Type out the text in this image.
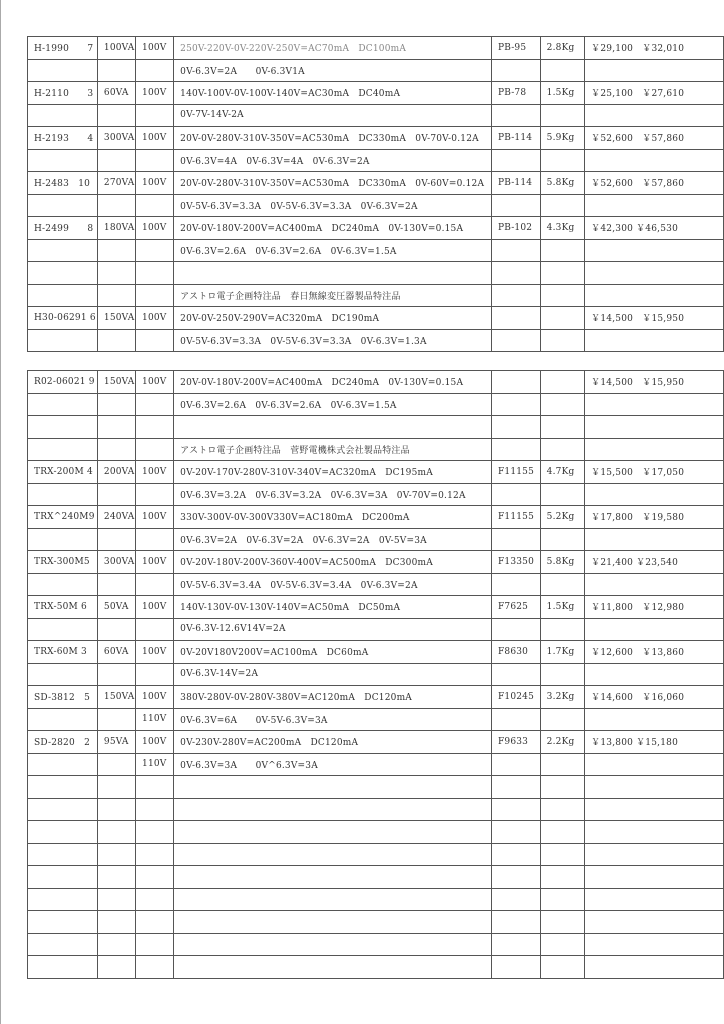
H-1990　　7	100VA	100V	250V-220V-0V-220V-250V=AC70mA　DC100mA	PB-95	2.8Kg	￥29,100　￥32,010
			0V-6.3V=2A　　0V-6.3V1A			
H-2110　　3	60VA	100V	140V-100V-0V-100V-140V=AC30mA　DC40mA	PB-78	1.5Kg	￥25,100　￥27,610
			0V-7V-14V-2A			
H-2193　　4	300VA	100V	20V-0V-280V-310V-350V=AC530mA　DC330mA　0V-70V-0.12A	PB-114	5.9Kg	￥52,600　￥57,860
			0V-6.3V=4A　0V-6.3V=4A　0V-6.3V=2A			
H-2483　10	270VA	100V	20V-0V-280V-310V-350V=AC530mA　DC330mA　0V-60V=0.12A	PB-114	5.8Kg	￥52,600　￥57,860
			0V-5V-6.3V=3.3A　0V-5V-6.3V=3.3A　0V-6.3V=2A			
H-2499　　8	180VA	100V	20V-0V-180V-200V=AC400mA　DC240mA　0V-130V=0.15A	PB-102	4.3Kg	￥42,300 ￥46,530
			0V-6.3V=2.6A　0V-6.3V=2.6A　0V-6.3V=1.5A			

			アストロ電子企画特注品　春日無線変圧器製品特注品			
H30-06291 6	150VA	100V	20V-0V-250V-290V=AC320mA　DC190mA			￥14,500　￥15,950
			0V-5V-6.3V=3.3A　0V-5V-6.3V=3.3A　0V-6.3V=1.3A			
R02-06021 9	150VA	100V	20V-0V-180V-200V=AC400mA　DC240mA　0V-130V=0.15A			￥14,500　￥15,950
			0V-6.3V=2.6A　0V-6.3V=2.6A　0V-6.3V=1.5A			

			アストロ電子企画特注品　菅野電機株式会社製品特注品			
TRX-200M 4	200VA	100V	0V-20V-170V-280V-310V-340V=AC320mA　DC195mA	F11155	4.7Kg	￥15,500　￥17,050
			0V-6.3V=3.2A　0V-6.3V=3.2A　0V-6.3V=3A　0V-70V=0.12A			
TRX^240M9	240VA	100V	330V-300V-0V-300V330V=AC180mA　DC200mA	F11155	5.2Kg	￥17,800　￥19,580
			0V-6.3V=2A　0V-6.3V=2A　0V-6.3V=2A　0V-5V=3A			
TRX-300M5	300VA	100V	0V-20V-180V-200V-360V-400V=AC500mA　DC300mA	F13350	5.8Kg	￥21,400 ￥23,540
			0V-5V-6.3V=3.4A　0V-5V-6.3V=3.4A　0V-6.3V=2A			
TRX-50M 6	50VA	100V	140V-130V-0V-130V-140V=AC50mA　DC50mA	F7625	1.5Kg	￥11,800　￥12,980
			0V-6.3V-12.6V14V=2A			
TRX-60M 3	60VA	100V	0V-20V180V200V=AC100mA　DC60mA	F8630	1.7Kg	￥12,600　￥13,860
			0V-6.3V-14V=2A			
SD-3812　5	150VA	100V	380V-280V-0V-280V-380V=AC120mA　DC120mA	F10245	3.2Kg	￥14,600　￥16,060
		110V	0V-6.3V=6A　　0V-5V-6.3V=3A			
SD-2820　2	95VA	100V	0V-230V-280V=AC200mA　DC120mA	F9633	2.2Kg	￥13,800 ￥15,180
		110V	0V-6.3V=3A　　0V^6.3V=3A			
